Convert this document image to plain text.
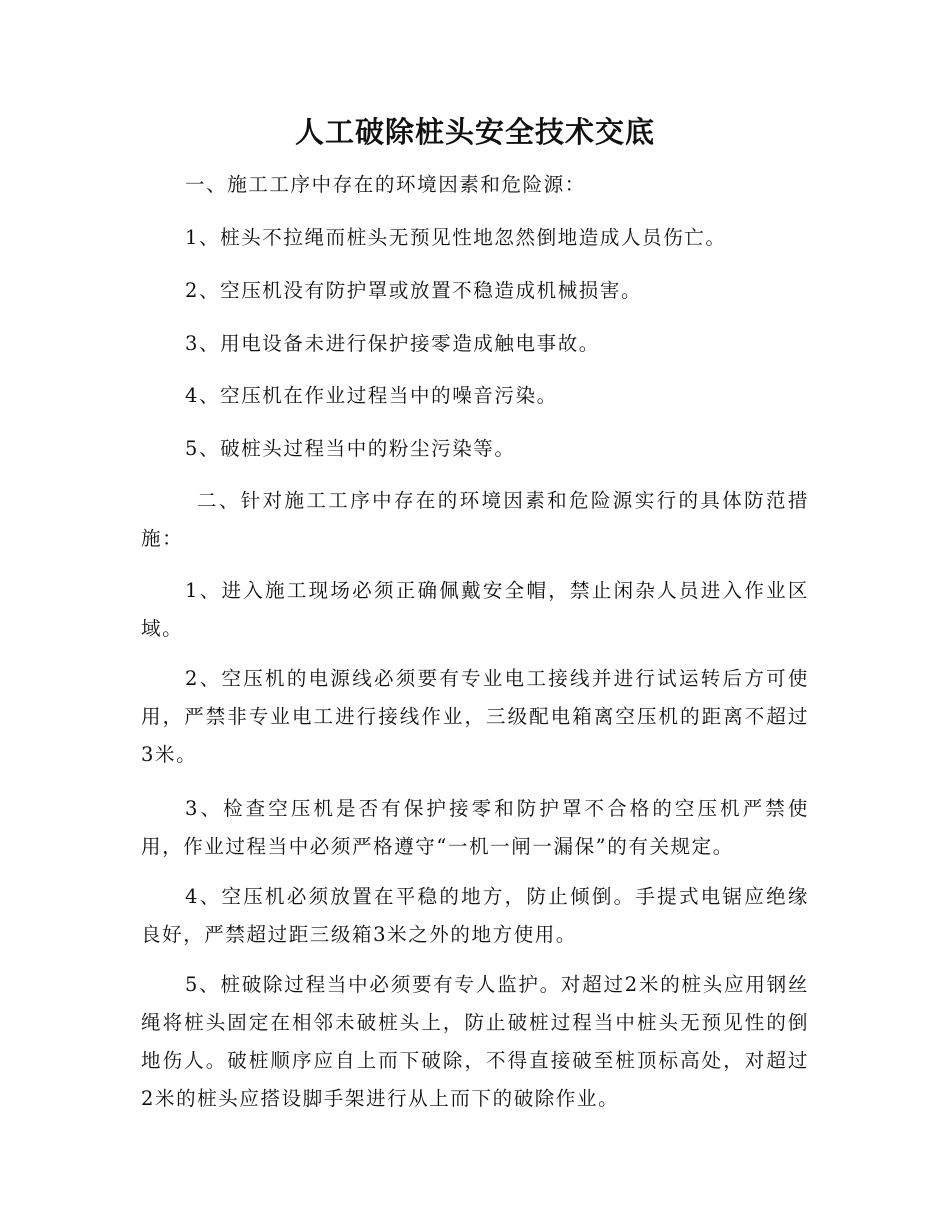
人工破除桩头安全技术交底
一、施工工序中存在的环境因素和危险源：
1、桩头不拉绳而桩头无预见性地忽然倒地造成人员伤亡。
2、空压机没有防护罩或放置不稳造成机械损害。
3、用电设备未进行保护接零造成触电事故。
4、空压机在作业过程当中的噪音污染。
5、破桩头过程当中的粉尘污染等。
二、针对施工工序中存在的环境因素和危险源实行的具体防范措施：
1、进入施工现场必须正确佩戴安全帽，禁止闲杂人员进入作业区域。
2、空压机的电源线必须要有专业电工接线并进行试运转后方可使用，严禁非专业电工进行接线作业，三级配电箱离空压机的距离不超过3米。
3、检查空压机是否有保护接零和防护罩不合格的空压机严禁使用，作业过程当中必须严格遵守“一机一闸一漏保”的有关规定。
4、空压机必须放置在平稳的地方，防止倾倒。手提式电锯应绝缘良好，严禁超过距三级箱3米之外的地方使用。
5、桩破除过程当中必须要有专人监护。对超过2米的桩头应用钢丝绳将桩头固定在相邻未破桩头上，防止破桩过程当中桩头无预见性的倒地伤人。破桩顺序应自上而下破除，不得直接破至桩顶标高处，对超过2米的桩头应搭设脚手架进行从上而下的破除作业。
